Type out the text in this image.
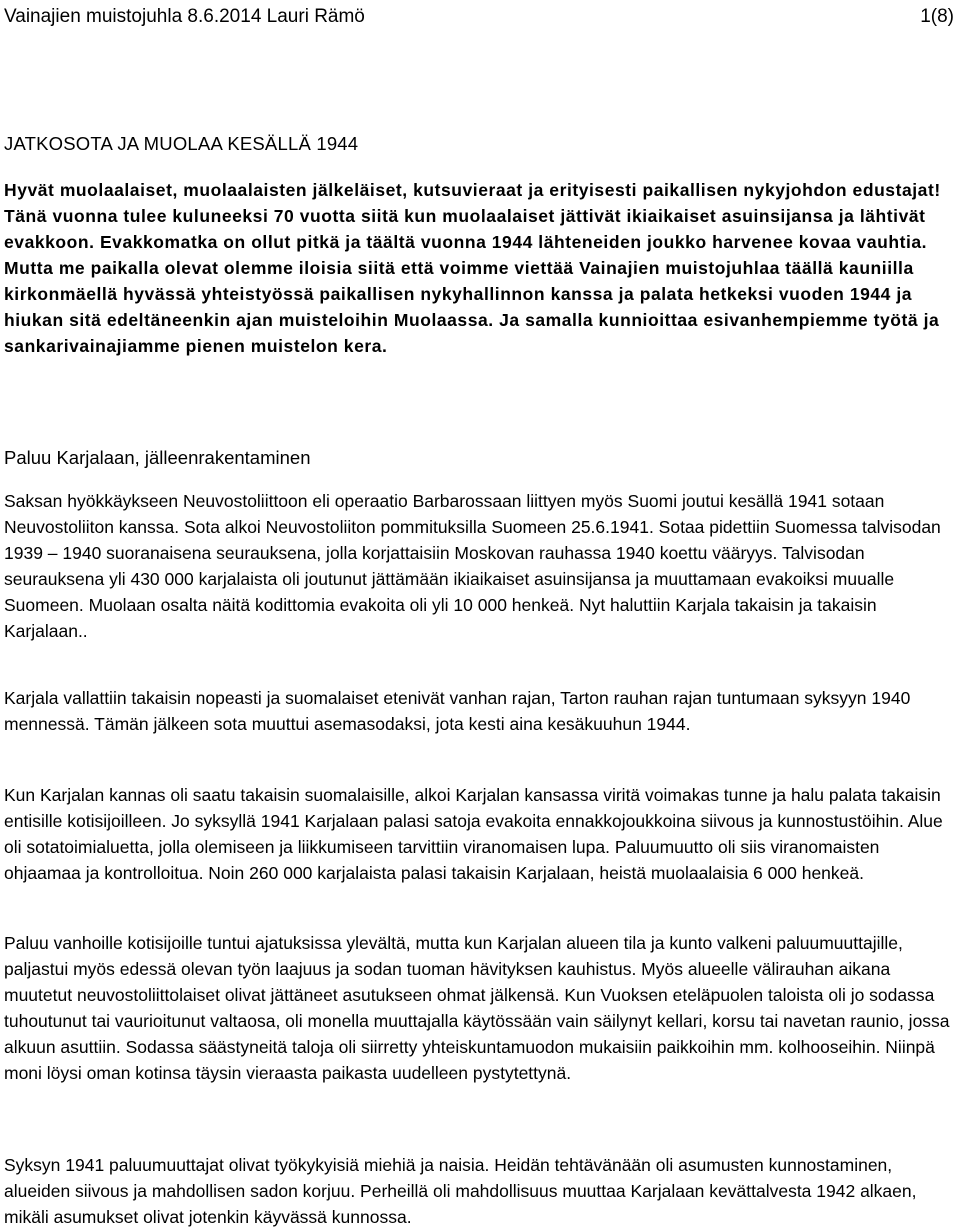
Vainajien muistojuhla 8.6.2014 Lauri Rämö	1(8)
JATKOSOTA JA MUOLAA KESÄLLÄ 1944

Hyvät muolaalaiset, muolaalaisten jälkeläiset, kutsuvieraat ja erityisesti paikallisen nykyjohdon edustajat! Tänä vuonna tulee kuluneeksi 70 vuotta siitä kun muolaalaiset jättivät ikiaikaiset asuinsijansa ja lähtivät evakkoon. Evakkomatka on ollut pitkä ja täältä vuonna 1944 lähteneiden joukko harvenee kovaa vauhtia. Mutta me paikalla olevat olemme iloisia siitä että voimme viettää Vainajien muistojuhlaa täällä kauniilla kirkonmäellä hyvässä yhteistyössä paikallisen nykyhallinnon kanssa ja palata hetkeksi vuoden 1944 ja hiukan sitä edeltäneenkin ajan muisteloihin Muolaassa. Ja samalla kunnioittaa esivanhempiemme työtä ja sankarivainajiamme pienen muistelon kera.

Paluu Karjalaan, jälleenrakentaminen

Saksan hyökkäykseen Neuvostoliittoon eli operaatio Barbarossaan liittyen myös Suomi joutui kesällä 1941 sotaan Neuvostoliiton kanssa. Sota alkoi Neuvostoliiton pommituksilla Suomeen 25.6.1941. Sotaa pidettiin Suomessa talvisodan 1939 – 1940 suoranaisena seurauksena, jolla korjattaisiin Moskovan rauhassa 1940 koettu vääryys. Talvisodan seurauksena yli 430 000 karjalaista oli joutunut jättämään ikiaikaiset asuinsijansa ja muuttamaan evakoiksi muualle Suomeen. Muolaan osalta näitä kodittomia evakoita oli yli 10 000 henkeä. Nyt haluttiin Karjala takaisin ja takaisin Karjalaan..

Karjala vallattiin takaisin nopeasti ja suomalaiset etenivät vanhan rajan, Tarton rauhan rajan tuntumaan syksyyn 1940 mennessä. Tämän jälkeen sota muuttui asemasodaksi, jota kesti aina kesäkuuhun 1944.

Kun Karjalan kannas oli saatu takaisin suomalaisille, alkoi Karjalan kansassa viritä voimakas tunne ja halu palata takaisin entisille kotisijoilleen. Jo syksyllä 1941 Karjalaan palasi satoja evakoita ennakkojoukkoina siivous ja kunnostustöihin. Alue oli sotatoimialuetta, jolla olemiseen ja liikkumiseen tarvittiin viranomaisen lupa. Paluumuutto oli siis viranomaisten ohjaamaa ja kontrolloitua. Noin 260 000 karjalaista palasi takaisin Karjalaan, heistä muolaalaisia 6 000 henkeä.

Paluu vanhoille kotisijoille tuntui ajatuksissa ylevältä, mutta kun Karjalan alueen tila ja kunto valkeni paluumuuttajille, paljastui myös edessä olevan työn laajuus ja sodan tuoman hävityksen kauhistus. Myös alueelle välirauhan aikana muutetut neuvostoliittolaiset olivat jättäneet asutukseen ohmat jälkensä. Kun Vuoksen eteläpuolen taloista oli jo sodassa tuhoutunut tai vaurioitunut valtaosa, oli monella muuttajalla käytössään vain säilynyt kellari, korsu tai navetan raunio, jossa alkuun asuttiin. Sodassa säästyneitä taloja oli siirretty yhteiskuntamuodon mukaisiin paikkoihin mm. kolhooseihin. Niinpä moni löysi oman kotinsa täysin vieraasta paikasta uudelleen pystytettynä.

Syksyn 1941 paluumuuttajat olivat työkykyisiä miehiä ja naisia. Heidän tehtävänään oli asumusten kunnostaminen, alueiden siivous ja mahdollisen sadon korjuu. Perheillä oli mahdollisuus muuttaa Karjalaan kevättalvesta 1942 alkaen, mikäli asumukset olivat jotenkin käyvässä kunnossa.
